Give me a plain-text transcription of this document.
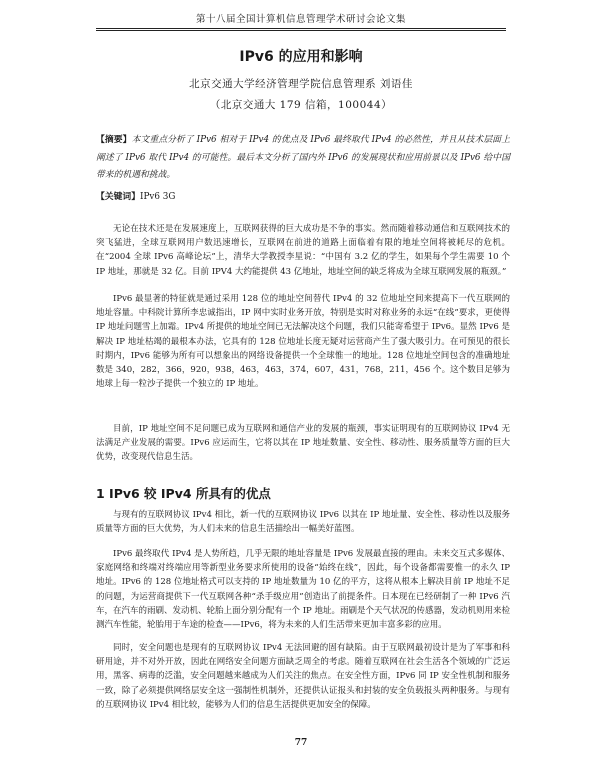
第十八届全国计算机信息管理学术研讨会论文集
IPv6 的应用和影响
北京交通大学经济管理学院信息管理系 刘语佳
（北京交通大 179 信箱，100044）
【摘要】本文重点分析了 IPv6 相对于 IPv4 的优点及 IPv6 最终取代 IPv4 的必然性，并且从技术层面上阐述了 IPv6 取代 IPv4 的可能性。最后本文分析了国内外 IPv6 的发展现状和应用前景以及 IPv6 给中国带来的机遇和挑战。
【关键词】IPv6 3G
无论在技术还是在发展速度上，互联网获得的巨大成功是不争的事实。然而随着移动通信和互联网技术的突飞猛进，全球互联网用户数迅速增长，互联网在前进的道路上面临着有限的地址空间将被耗尽的危机。在“2004 全球 IPv6 高峰论坛”上，清华大学教授李星说：“中国有 3.2 亿的学生，如果每个学生需要 10 个 IP 地址，那就是 32 亿。目前 IPV4 大约能提供 43 亿地址，地址空间的缺乏将成为全球互联网发展的瓶颈。”
IPv6 最显著的特征就是通过采用 128 位的地址空间替代 IPv4 的 32 位地址空间来提高下一代互联网的地址容量。中科院计算所李忠诚指出，IP 网中实时业务开放，特别是实时对称业务的永远“在线”要求，更使得 IP 地址问题雪上加霜。IPv4 所提供的地址空间已无法解决这个问题，我们只能寄希望于 IPv6。显然 IPv6 是解决 IP 地址枯竭的最根本办法，它具有的 128 位地址长度无疑对运营商产生了强大吸引力。在可预见的很长时期内，IPv6 能够为所有可以想象出的网络设备提供一个全球惟一的地址。128 位地址空间包含的准确地址数是 340，282，366，920，938，463，463，374，607，431，768，211，456 个。这个数目足够为地球上每一粒沙子提供一个独立的 IP 地址。
目前，IP 地址空间不足问题已成为互联网和通信产业的发展的瓶颈，事实证明现有的互联网协议 IPv4 无法满足产业发展的需要。IPv6 应运而生，它将以其在 IP 地址数量、安全性、移动性、服务质量等方面的巨大优势，改变现代信息生活。
1 IPv6 较 IPv4 所具有的优点
与现有的互联网协议 IPv4 相比，新一代的互联网协议 IPv6 以其在 IP 地址量、安全性、移动性以及服务质量等方面的巨大优势，为人们未来的信息生活描绘出一幅美好蓝图。
IPv6 最终取代 IPv4 是人势所趋，几乎无限的地址容量是 IPv6 发展最直接的理由。未来交互式多媒体、家庭网络和终端对终端应用等新型业务要求所使用的设备“始终在线”，因此，每个设备都需要惟一的永久 IP 地址。IPv6 的 128 位地址格式可以支持的 IP 地址数量为 10 亿的平方，这将从根本上解决目前 IP 地址不足的问题，为运营商提供下一代互联网各种“杀手级应用”创造出了前提条件。日本现在已经研制了一种 IPv6 汽车，在汽车的雨刷、发动机、轮胎上面分别分配有一个 IP 地址。雨刷是个天气状况的传感器，发动机则用来检测汽车性能，轮胎用于车途的检查——IPv6，将为未来的人们生活带来更加丰富多彩的应用。
同时，安全问题也是现有的互联网协议 IPv4 无法回避的固有缺陷。由于互联网最初设计是为了军事和科研用途，并不对外开放，因此在网络安全问题方面缺乏周全的考虑。随着互联网在社会生活各个领域的广泛运用，黑客、病毒的泛滥，安全问题越来越成为人们关注的焦点。在安全性方面，IPv6 同 IP 安全性机制和服务一致，除了必须提供网络层安全这一强制性机制外，还提供认证报头和封装的安全负载报头两种服务。与现有的互联网协议 IPv4 相比较，能够为人们的信息生活提供更加安全的保障。
77
